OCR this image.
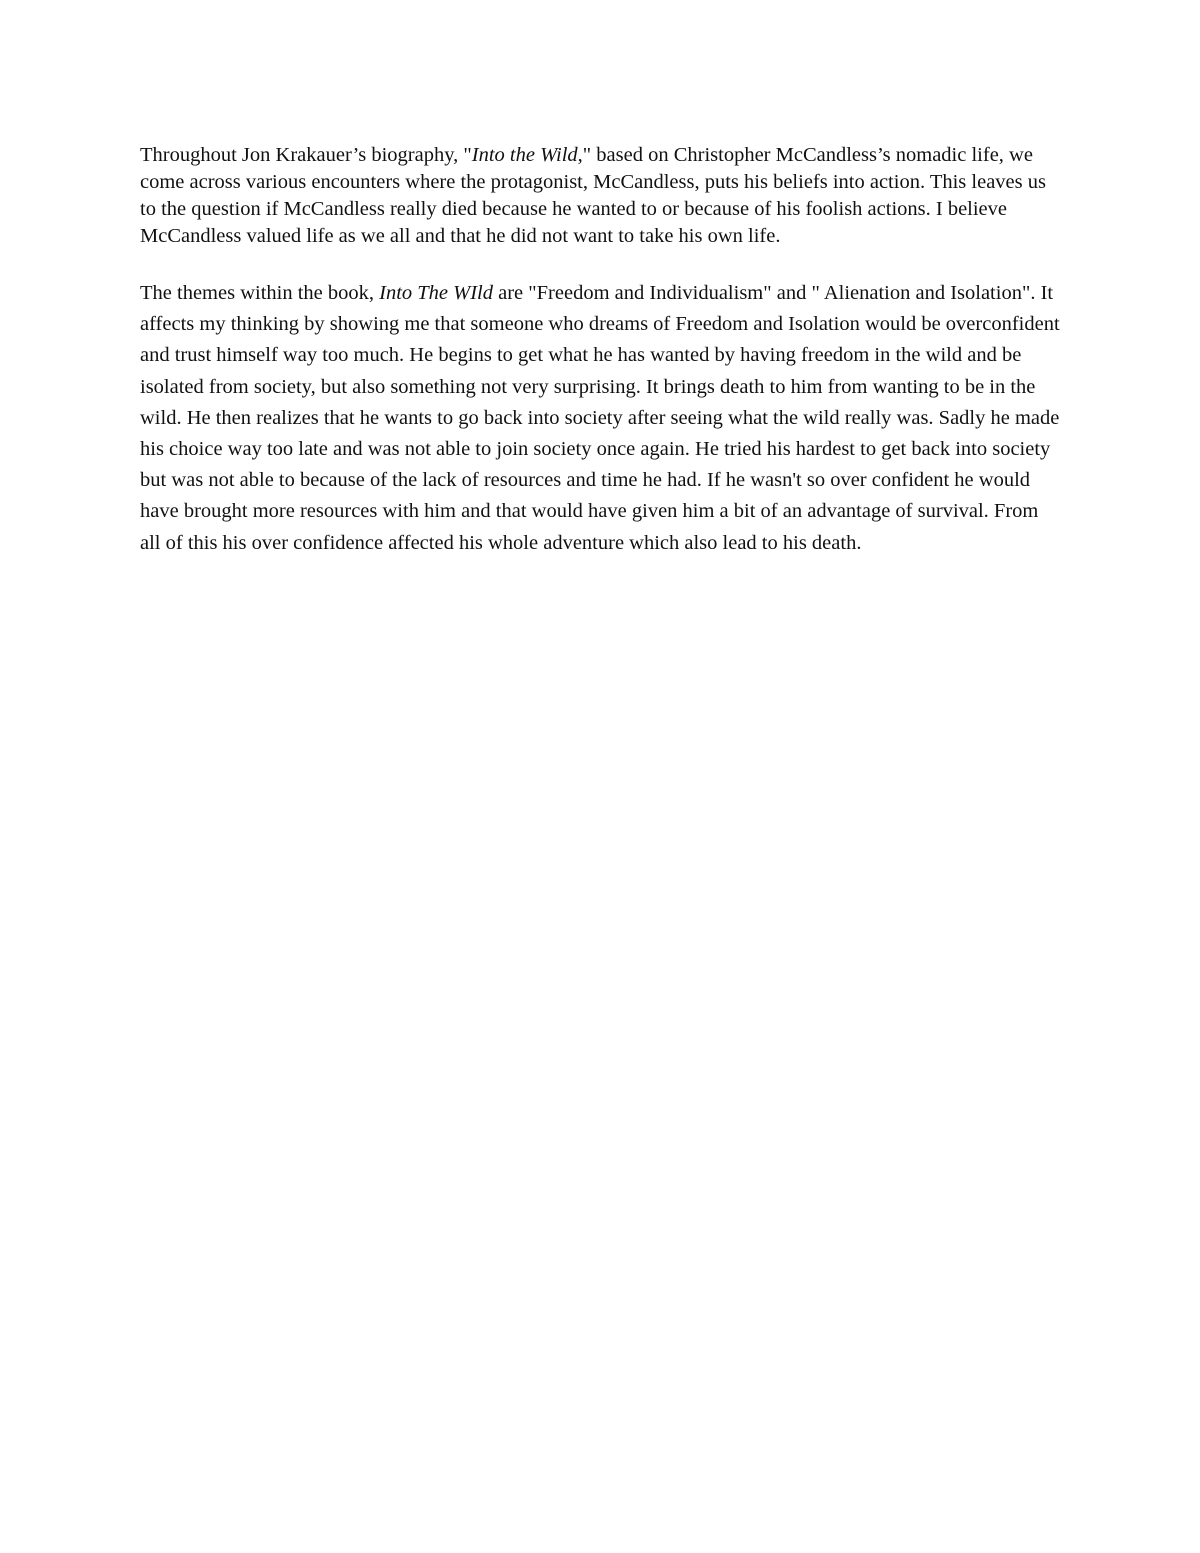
Throughout Jon Krakauer’s biography, "Into the Wild," based on Christopher McCandless’s nomadic life, we come across various encounters where the protagonist, McCandless, puts his beliefs into action. This leaves us to the question if McCandless really died because he wanted to or because of his foolish actions. I believe McCandless valued life as we all and that he did not want to take his own life.

The themes within the book, Into The WIld are "Freedom and Individualism" and " Alienation and Isolation". It affects my thinking by showing me that someone who dreams of Freedom and Isolation would be overconfident and trust himself way too much. He begins to get what he has wanted by having freedom in the wild and be isolated from society, but also something not very surprising. It brings death to him from wanting to be in the wild. He then realizes that he wants to go back into society after seeing what the wild really was. Sadly he made his choice way too late and was not able to join society once again. He tried his hardest to get back into society but was not able to because of the lack of resources and time he had. If he wasn't so over confident he would have brought more resources with him and that would have given him a bit of an advantage of survival. From all of this his over confidence affected his whole adventure which also lead to his death.
